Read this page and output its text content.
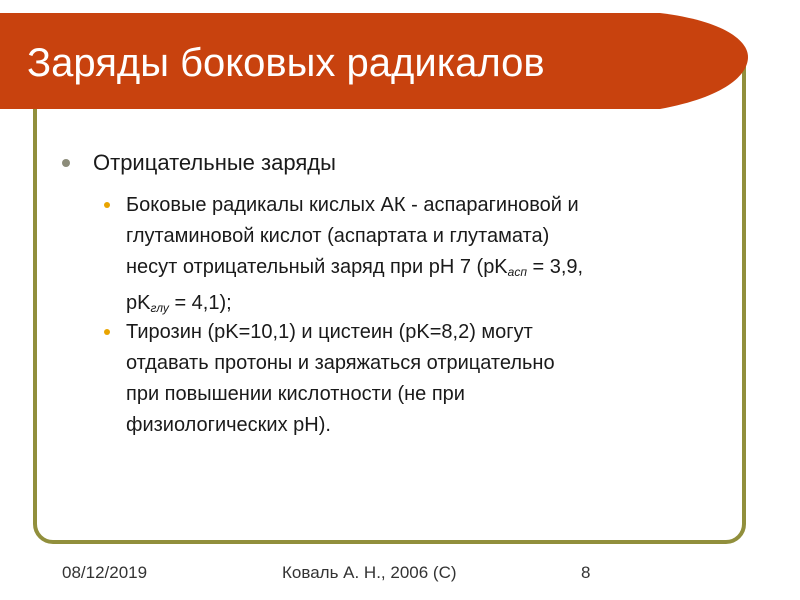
Заряды боковых радикалов
Отрицательные заряды
Боковые радикалы кислых АК - аспарагиновой и
глутаминовой кислот (аспартата и глутамата)
несут отрицательный заряд при рН 7 ($pK_{асп} = 3,9$,
$pK_{глу} = 4,1$);
Тирозин (pK=10,1) и цистеин (pK=8,2) могут
отдавать протоны и заряжаться отрицательно
при повышении кислотности (не при
физиологических рН).
08/12/2019	Коваль А. Н., 2006 (С)	8
